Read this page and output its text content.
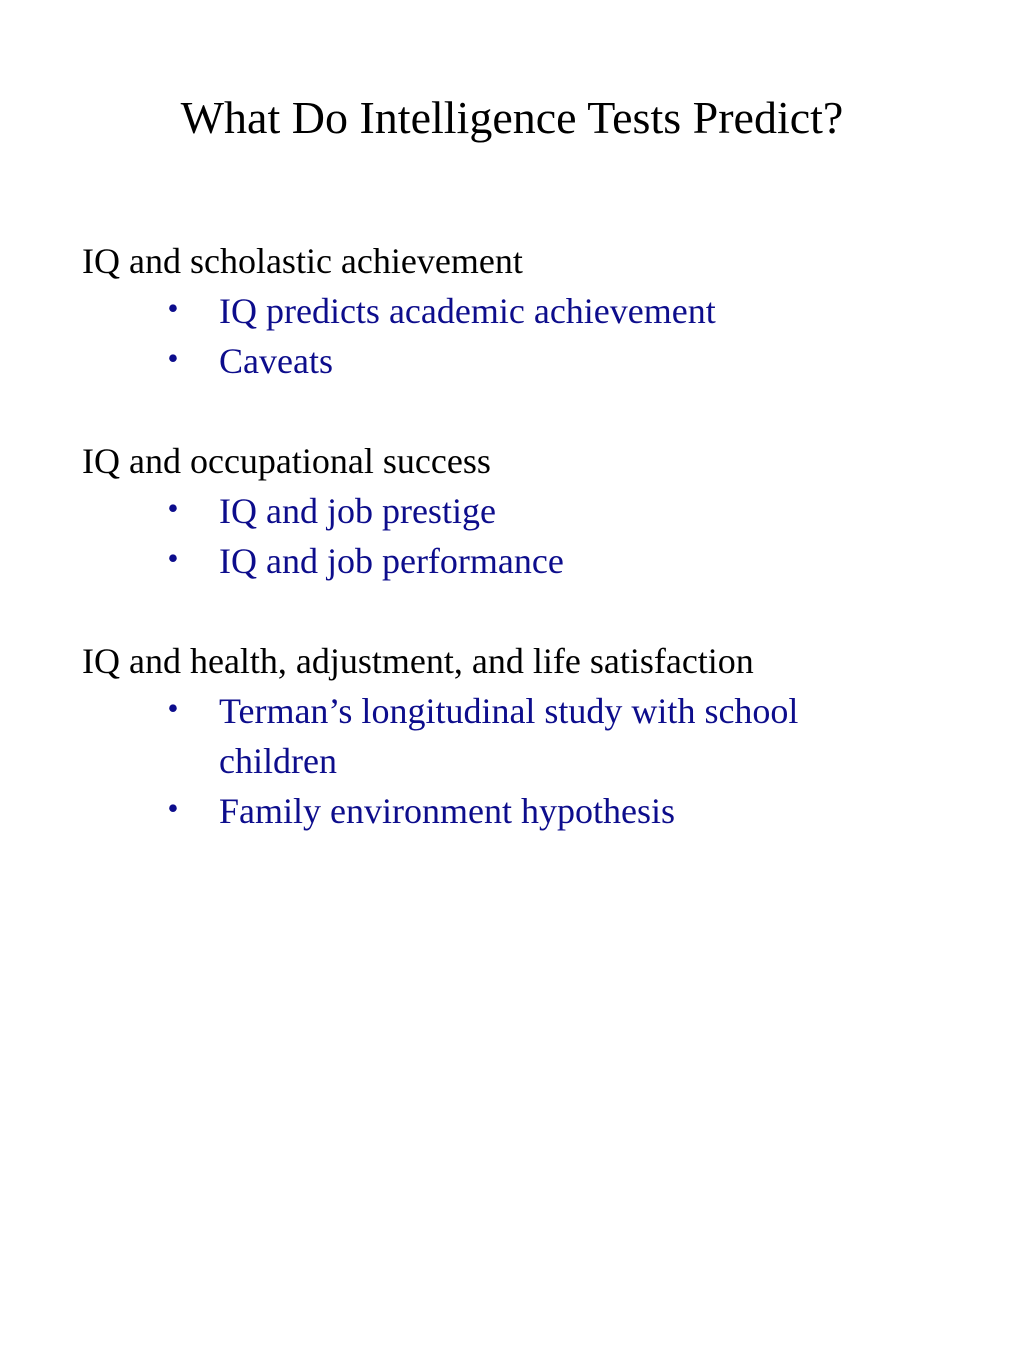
What Do Intelligence Tests Predict?

IQ and scholastic achievement

• IQ predicts academic achievement
• Caveats

IQ and occupational success

• IQ and job prestige
• IQ and job performance

IQ and health, adjustment, and life satisfaction

• Terman’s longitudinal study with school children
• Family environment hypothesis
